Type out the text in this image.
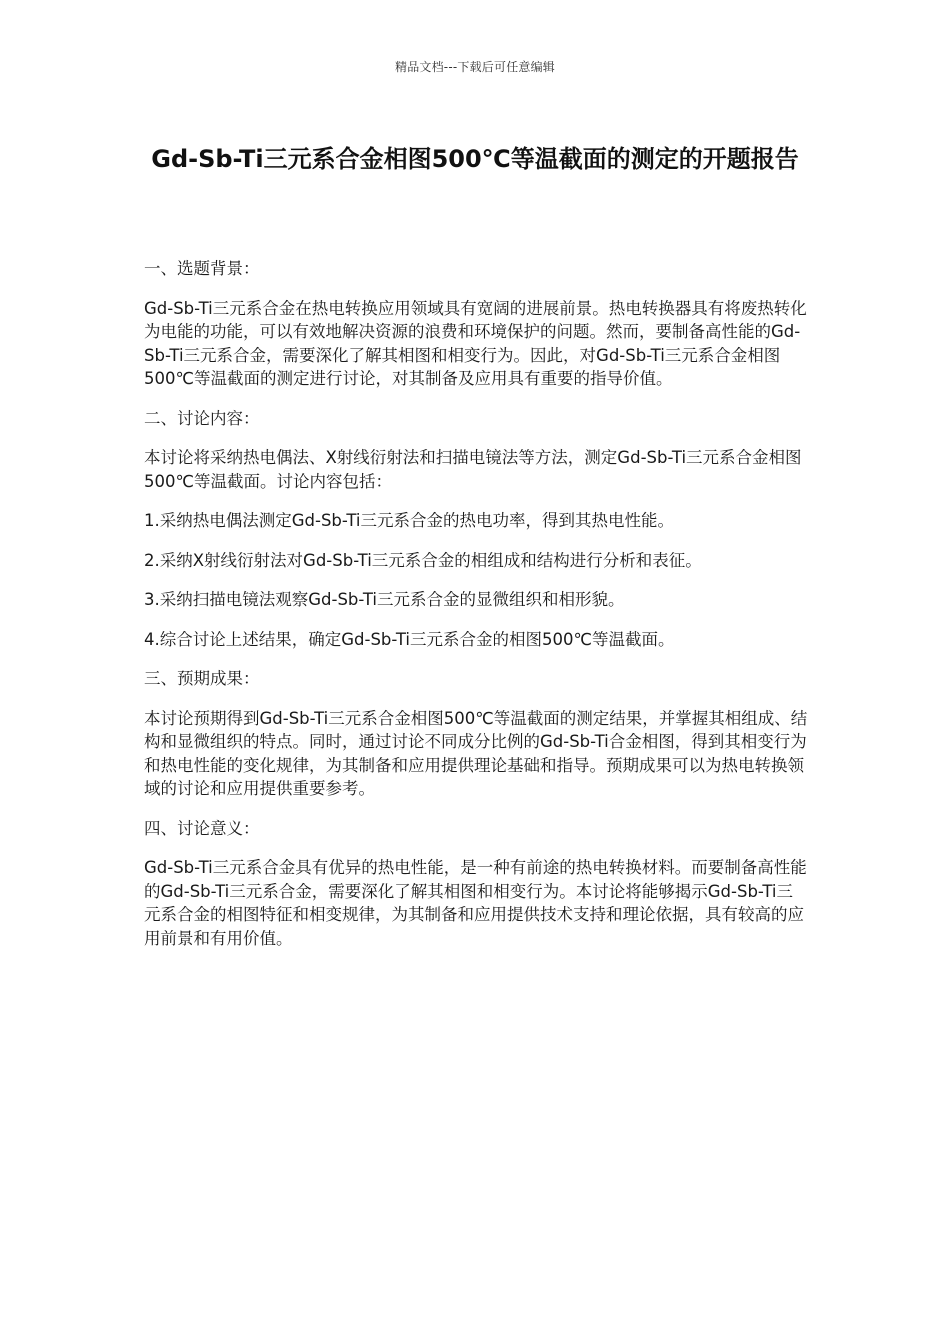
精品文档---下载后可任意编辑
Gd-Sb-Ti三元系合金相图500℃等温截面的测定的开题报告

一、选题背景：

Gd-Sb-Ti三元系合金在热电转换应用领域具有宽阔的进展前景。热电转换器具有将废热转化为电能的功能，可以有效地解决资源的浪费和环境保护的问题。然而，要制备高性能的Gd-Sb-Ti三元系合金，需要深化了解其相图和相变行为。因此，对Gd-Sb-Ti三元系合金相图500℃等温截面的测定进行讨论，对其制备及应用具有重要的指导价值。

二、讨论内容：

本讨论将采纳热电偶法、X射线衍射法和扫描电镜法等方法，测定Gd-Sb-Ti三元系合金相图500℃等温截面。讨论内容包括：

1.采纳热电偶法测定Gd-Sb-Ti三元系合金的热电功率，得到其热电性能。

2.采纳X射线衍射法对Gd-Sb-Ti三元系合金的相组成和结构进行分析和表征。

3.采纳扫描电镜法观察Gd-Sb-Ti三元系合金的显微组织和相形貌。

4.综合讨论上述结果，确定Gd-Sb-Ti三元系合金的相图500℃等温截面。

三、预期成果：

本讨论预期得到Gd-Sb-Ti三元系合金相图500℃等温截面的测定结果，并掌握其相组成、结构和显微组织的特点。同时，通过讨论不同成分比例的Gd-Sb-Ti合金相图，得到其相变行为和热电性能的变化规律，为其制备和应用提供理论基础和指导。预期成果可以为热电转换领域的讨论和应用提供重要参考。

四、讨论意义：

Gd-Sb-Ti三元系合金具有优异的热电性能，是一种有前途的热电转换材料。而要制备高性能的Gd-Sb-Ti三元系合金，需要深化了解其相图和相变行为。本讨论将能够揭示Gd-Sb-Ti三元系合金的相图特征和相变规律，为其制备和应用提供技术支持和理论依据，具有较高的应用前景和有用价值。
